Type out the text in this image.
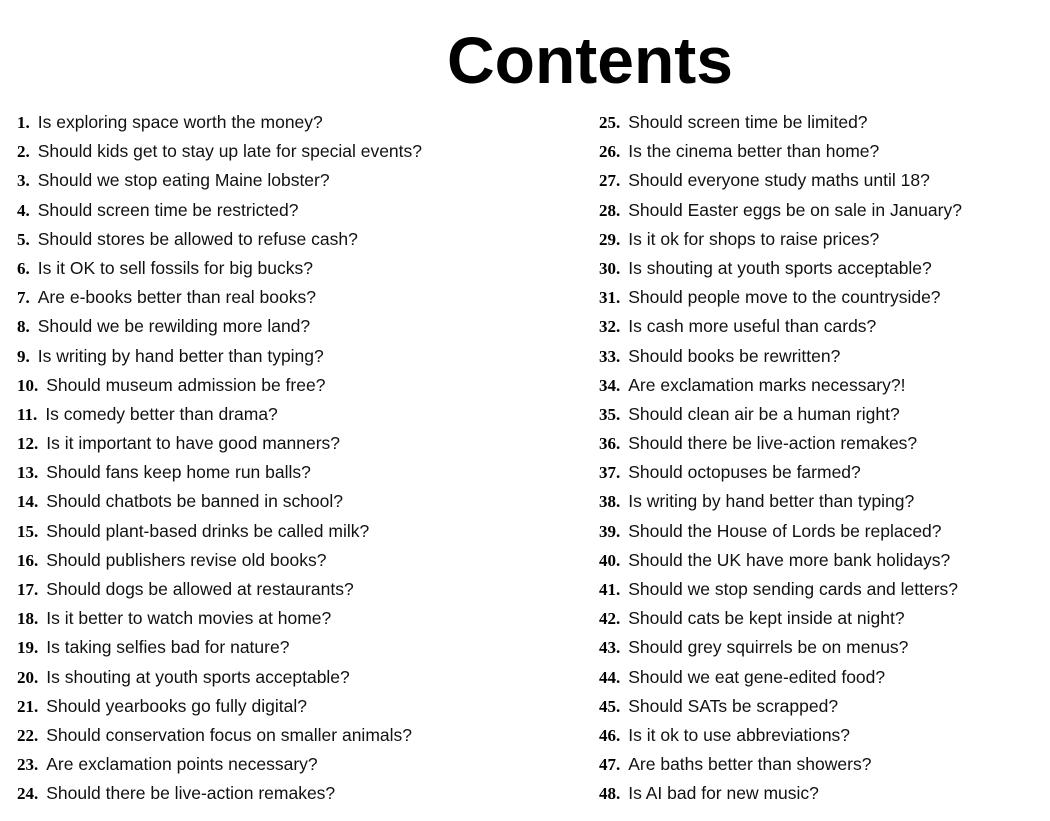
Contents
1. Is exploring space worth the money?
2. Should kids get to stay up late for special events?
3. Should we stop eating Maine lobster?
4. Should screen time be restricted?
5. Should stores be allowed to refuse cash?
6. Is it OK to sell fossils for big bucks?
7. Are e-books better than real books?
8. Should we be rewilding more land?
9. Is writing by hand better than typing?
10. Should museum admission be free?
11. Is comedy better than drama?
12. Is it important to have good manners?
13. Should fans keep home run balls?
14. Should chatbots be banned in school?
15. Should plant-based drinks be called milk?
16. Should publishers revise old books?
17. Should dogs be allowed at restaurants?
18. Is it better to watch movies at home?
19. Is taking selfies bad for nature?
20. Is shouting at youth sports acceptable?
21. Should yearbooks go fully digital?
22. Should conservation focus on smaller animals?
23. Are exclamation points necessary?
24. Should there be live-action remakes?
25. Should screen time be limited?
26. Is the cinema better than home?
27. Should everyone study maths until 18?
28. Should Easter eggs be on sale in January?
29. Is it ok for shops to raise prices?
30. Is shouting at youth sports acceptable?
31. Should people move to the countryside?
32. Is cash more useful than cards?
33. Should books be rewritten?
34. Are exclamation marks necessary?!
35. Should clean air be a human right?
36. Should there be live-action remakes?
37. Should octopuses be farmed?
38. Is writing by hand better than typing?
39. Should the House of Lords be replaced?
40. Should the UK have more bank holidays?
41. Should we stop sending cards and letters?
42. Should cats be kept inside at night?
43. Should grey squirrels be on menus?
44. Should we eat gene-edited food?
45. Should SATs be scrapped?
46. Is it ok to use abbreviations?
47. Are baths better than showers?
48. Is AI bad for new music?
